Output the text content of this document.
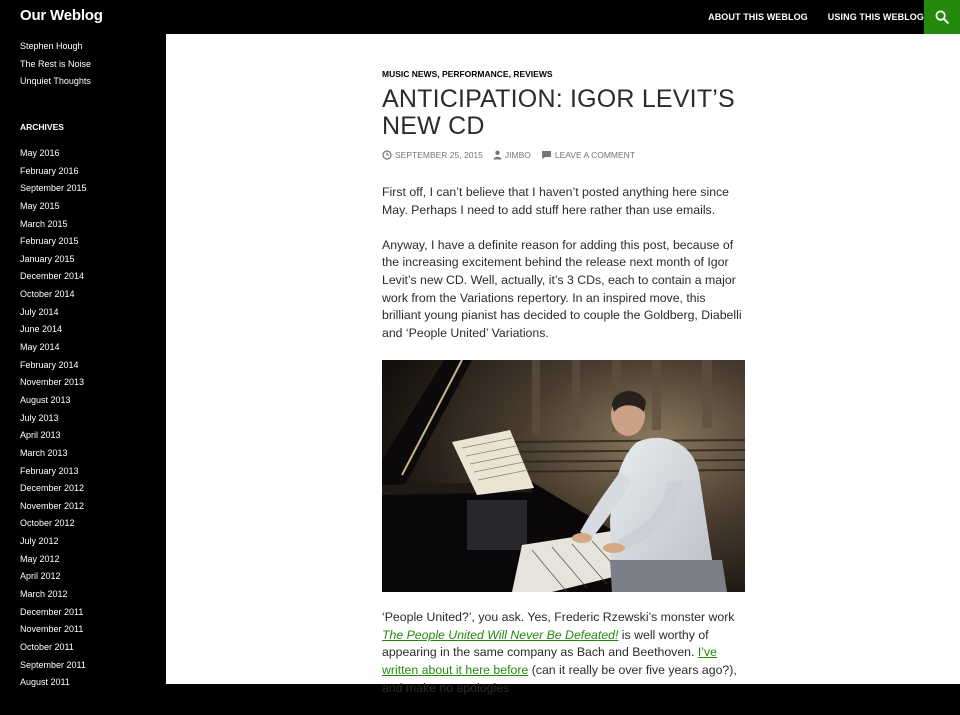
Our Weblog	ABOUT THIS WEBLOG USING THIS WEBLOG
Stephen Hough
The Rest is Noise
Unquiet Thoughts
ARCHIVES
May 2016
February 2016
September 2015
May 2015
March 2015
February 2015
January 2015
December 2014
October 2014
July 2014
June 2014
May 2014
February 2014
November 2013
August 2013
July 2013
April 2013
March 2013
February 2013
December 2012
November 2012
October 2012
July 2012
May 2012
April 2012
March 2012
December 2011
November 2011
October 2011
September 2011
August 2011
MUSIC NEWS, PERFORMANCE, REVIEWS
ANTICIPATION: IGOR LEVIT’S NEW CD
SEPTEMBER 25, 2015	JIMBO	LEAVE A COMMENT

First off, I can’t believe that I haven’t posted anything here since May. Perhaps I need to add stuff here rather than use emails.

Anyway, I have a definite reason for adding this post, because of the increasing excitement behind the release next month of Igor Levit’s new CD. Well, actually, it’s 3 CDs, each to contain a major work from the Variations repertory. In an inspired move, this brilliant young pianist has decided to couple the Goldberg, Diabelli and ‘People United’ Variations.

‘People United?’, you ask. Yes, Frederic Rzewski’s monster work The People United Will Never Be Defeated! is well worthy of appearing in the same company as Bach and Beethoven. I’ve written about it here before (can it really be over five years ago?), and make no apologies
